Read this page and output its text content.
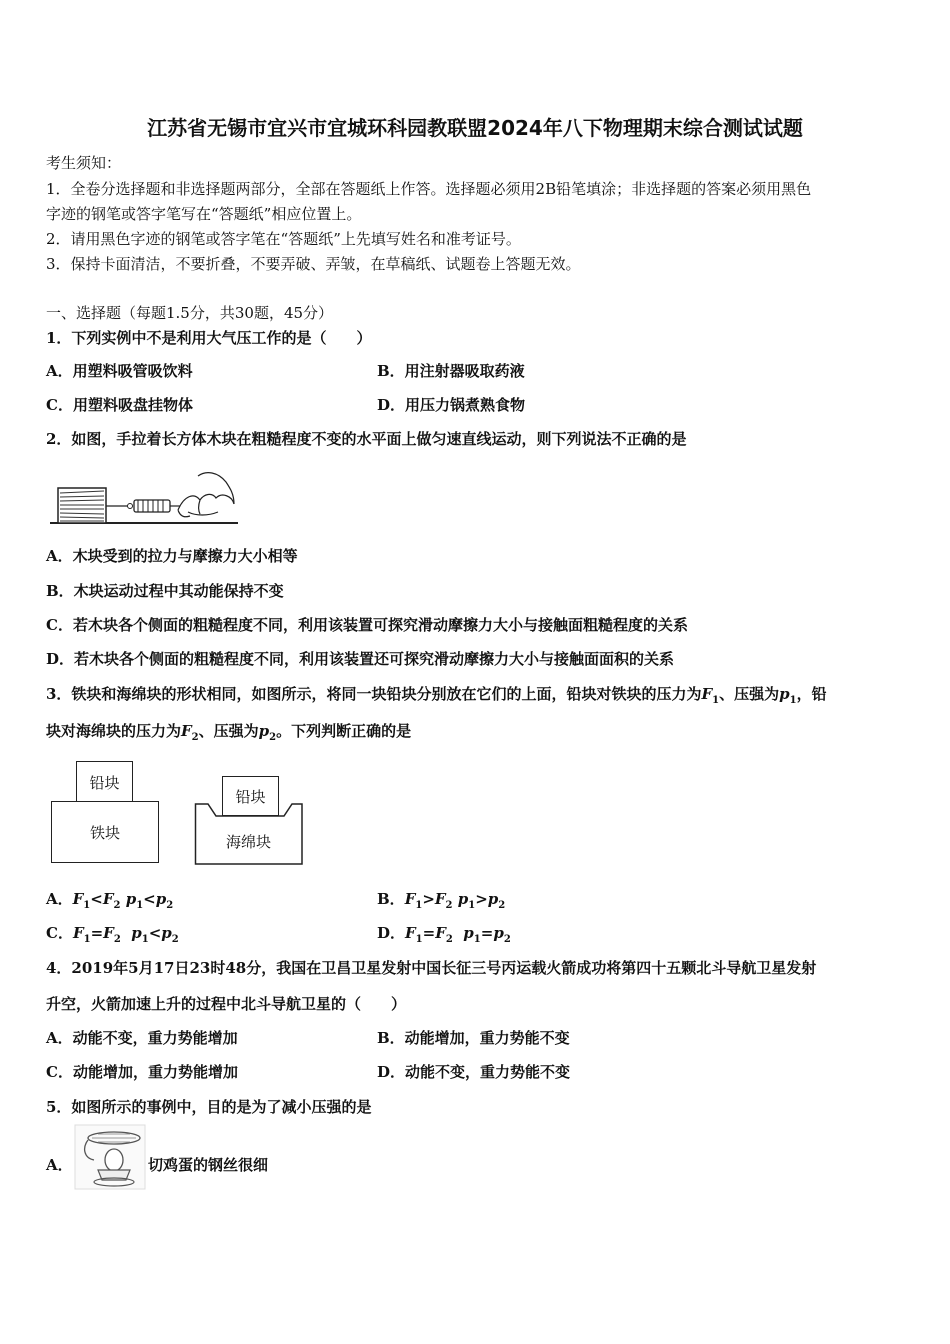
江苏省无锡市宜兴市宜城环科园教联盟2024年八下物理期末综合测试试题
考生须知：
1．全卷分选择题和非选择题两部分，全部在答题纸上作答。选择题必须用2B铅笔填涂；非选择题的答案必须用黑色
字迹的钢笔或答字笔写在“答题纸”相应位置上。
2．请用黑色字迹的钢笔或答字笔在“答题纸”上先填写姓名和准考证号。
3．保持卡面清洁，不要折叠，不要弄破、弄皱，在草稿纸、试题卷上答题无效。
一、选择题（每题1.5分，共30题，45分）
1．下列实例中不是利用大气压工作的是（　　）
A．用塑料吸管吸饮料	B．用注射器吸取药液
C．用塑料吸盘挂物体	D．用压力锅煮熟食物
2．如图，手拉着长方体木块在粗糙程度不变的水平面上做匀速直线运动，则下列说法不正确的是
A．木块受到的拉力与摩擦力大小相等
B．木块运动过程中其动能保持不变
C．若木块各个侧面的粗糙程度不同，利用该装置可探究滑动摩擦力大小与接触面粗糙程度的关系
D．若木块各个侧面的粗糙程度不同，利用该装置还可探究滑动摩擦力大小与接触面面积的关系
3．铁块和海绵块的形状相同，如图所示，将同一块铅块分别放在它们的上面，铅块对铁块的压力为$F_1$、压强为$p_1$，铅
块对海绵块的压力为$F_2$、压强为$p_2$。下列判断正确的是
铅块
铁块
铅块
海绵块
A．$F_1<F_2$ $p_1<p_2$	B．$F_1>F_2$ $p_1>p_2$
C．$F_1=F_2$ $p_1<p_2$	D．$F_1=F_2$ $p_1=p_2$
4．2019年5月17日23时48分，我国在卫昌卫星发射中国长征三号丙运载火箭成功将第四十五颗北斗导航卫星发射
升空，火箭加速上升的过程中北斗导航卫星的（　　）
A．动能不变，重力势能增加	B．动能增加，重力势能不变
C．动能增加，重力势能增加	D．动能不变，重力势能不变
5．如图所示的事例中，目的是为了减小压强的是
A．	切鸡蛋的钢丝很细
